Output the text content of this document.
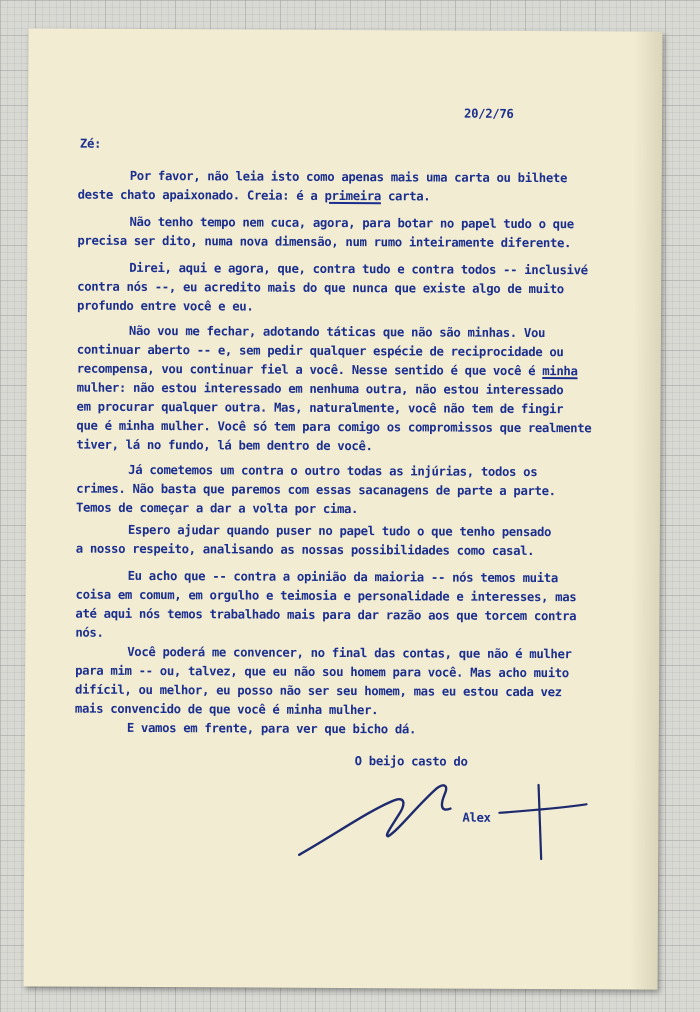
20/2/76
Zé:
Por favor, não leia isto como apenas mais uma carta ou bilhete
deste chato apaixonado. Creia: é a primeira carta.
Não tenho tempo nem cuca, agora, para botar no papel tudo o que
precisa ser dito, numa nova dimensão, num rumo inteiramente diferente.
Direi, aqui e agora, que, contra tudo e contra todos -- inclusivé
contra nós --, eu acredito mais do que nunca que existe algo de muito
profundo entre você e eu.
Não vou me fechar, adotando táticas que não são minhas. Vou
continuar aberto -- e, sem pedir qualquer espécie de reciprocidade ou
recompensa, vou continuar fiel a você. Nesse sentido é que você é minha
mulher: não estou interessado em nenhuma outra, não estou interessado
em procurar qualquer outra. Mas, naturalmente, você não tem de fingir
que é minha mulher. Você só tem para comigo os compromissos que realmente
tiver, lá no fundo, lá bem dentro de você.
Já cometemos um contra o outro todas as injúrias, todos os
crimes. Não basta que paremos com essas sacanagens de parte a parte.
Temos de começar a dar a volta por cima.
Espero ajudar quando puser no papel tudo o que tenho pensado
a nosso respeito, analisando as nossas possibilidades como casal.
Eu acho que -- contra a opinião da maioria -- nós temos muita
coisa em comum, em orgulho e teimosia e personalidade e interesses, mas
até aqui nós temos trabalhado mais para dar razão aos que torcem contra
nós.
Você poderá me convencer, no final das contas, que não é mulher
para mim -- ou, talvez, que eu não sou homem para você. Mas acho muito
difícil, ou melhor, eu posso não ser seu homem, mas eu estou cada vez
mais convencido de que você é minha mulher.
E vamos em frente, para ver que bicho dá.
O beijo casto do
Alex
